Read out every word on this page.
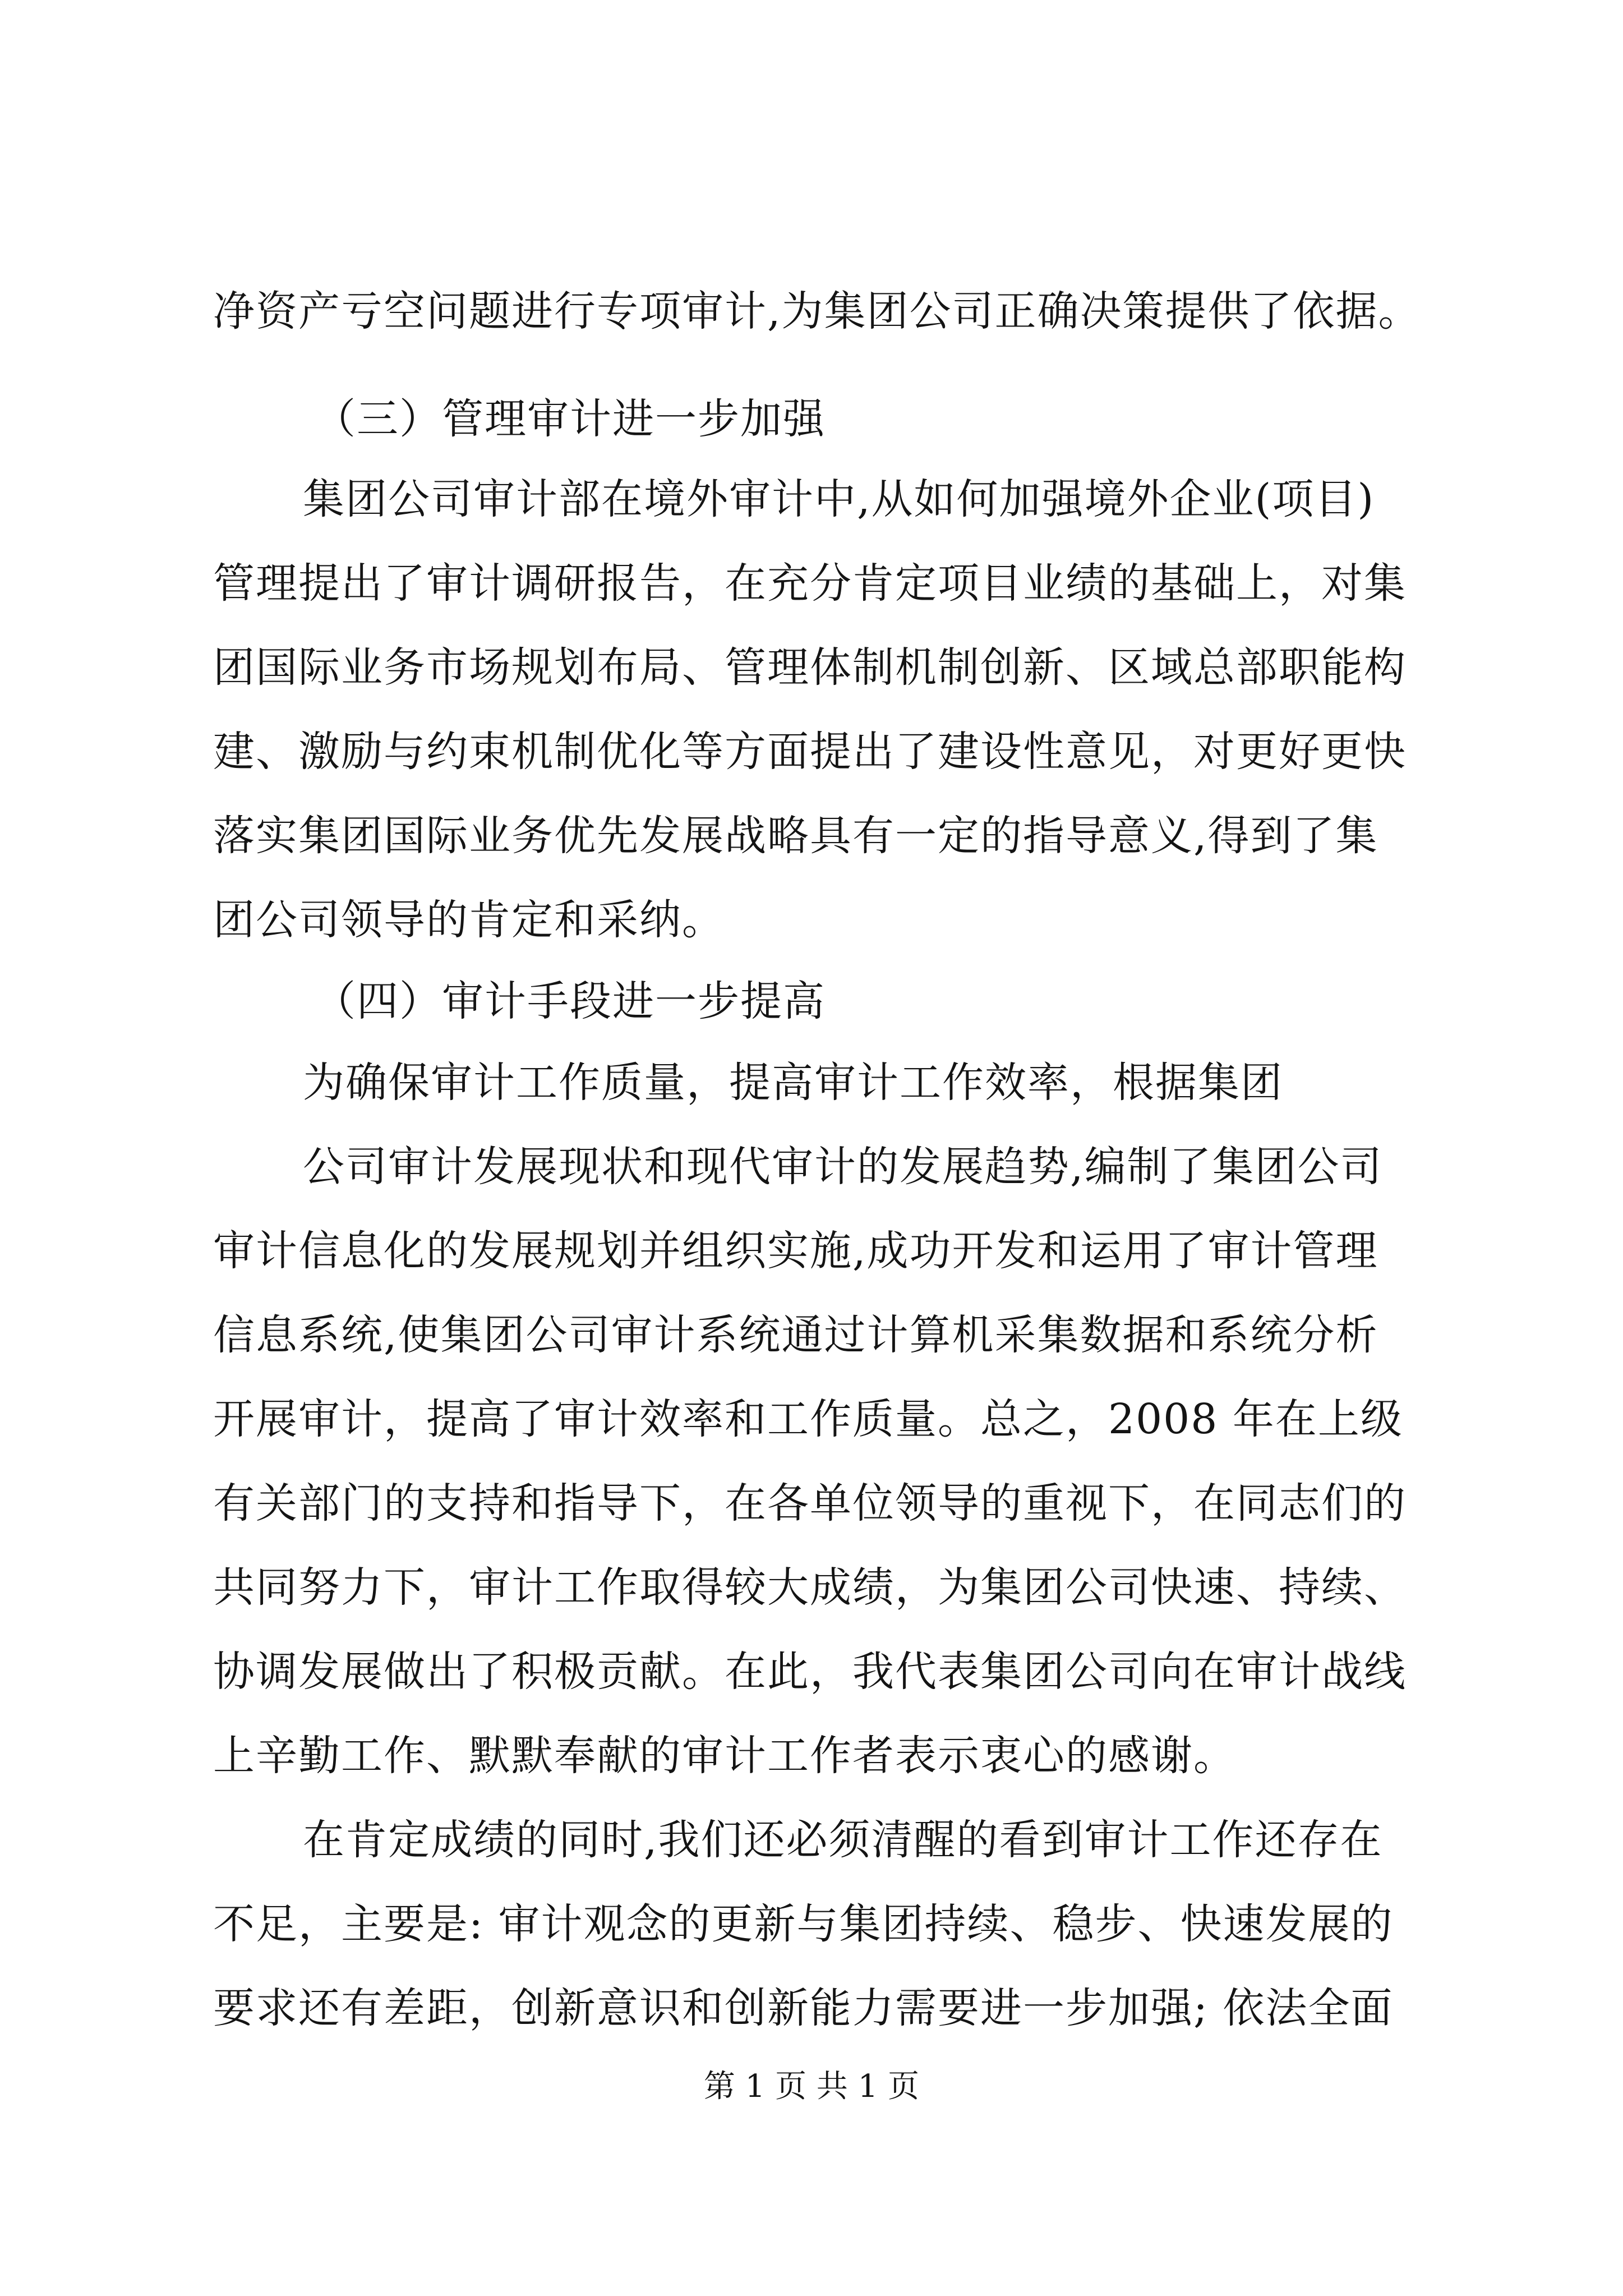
净资产亏空问题进行专项审计,为集团公司正确决策提供了依据。
（三）管理审计进一步加强
集团公司审计部在境外审计中,从如何加强境外企业(项目)
管理提出了审计调研报告，在充分肯定项目业绩的基础上，对集
团国际业务市场规划布局、管理体制机制创新、区域总部职能构
建、激励与约束机制优化等方面提出了建设性意见，对更好更快
落实集团国际业务优先发展战略具有一定的指导意义,得到了集
团公司领导的肯定和采纳。
（四）审计手段进一步提高
为确保审计工作质量，提高审计工作效率，根据集团
公司审计发展现状和现代审计的发展趋势,编制了集团公司
审计信息化的发展规划并组织实施,成功开发和运用了审计管理
信息系统,使集团公司审计系统通过计算机采集数据和系统分析
开展审计，提高了审计效率和工作质量。总之，2008 年在上级
有关部门的支持和指导下，在各单位领导的重视下，在同志们的
共同努力下，审计工作取得较大成绩，为集团公司快速、持续、
协调发展做出了积极贡献。在此，我代表集团公司向在审计战线
上辛勤工作、默默奉献的审计工作者表示衷心的感谢。
在肯定成绩的同时,我们还必须清醒的看到审计工作还存在
不足，主要是: 审计观念的更新与集团持续、稳步、快速发展的
要求还有差距，创新意识和创新能力需要进一步加强; 依法全面
第 1 页 共 1 页
